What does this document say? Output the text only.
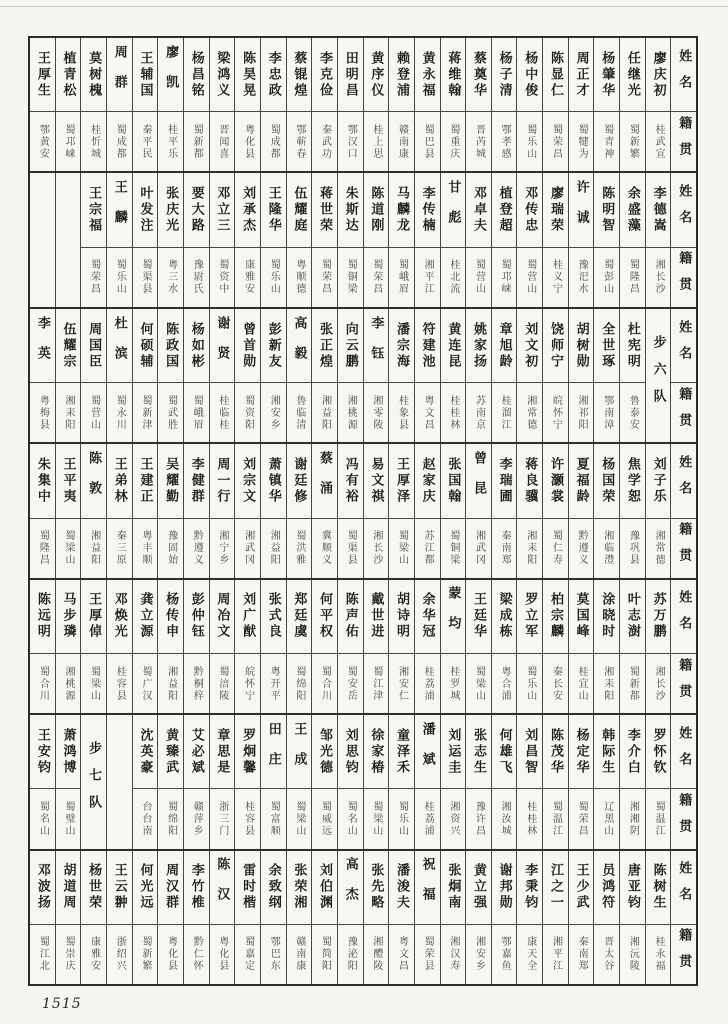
王厚生
鄂黄安
植青松
蜀邛崃
莫树槐
桂忻城
周群
蜀成都
王辅国
秦平民
廖凯
桂平乐
杨昌铭
蜀新都
梁鸿义
晋闻喜
陈昊晃
粤化县
李忠政
蜀成都
蔡锟煌
鄂蕲春
李克俭
秦武功
田明昌
鄂汉口
黄序仪
桂上思
赖登浦
赣南康
黄永福
蜀巴县
蒋维翰
蜀重庆
蔡奠华
晋芮城
杨子清
鄂孝感
杨中俊
蜀乐山
陈显仁
蜀荣昌
周正才
蜀犍为
杨肇华
蜀青神
任继光
蜀新繁
廖庆初
桂武宣
姓名
籍贯
王宗福
蜀荣昌
王麟
蜀乐山
叶发注
蜀渠县
张庆光
粤三水
要大路
豫尉氏
邓立三
蜀资中
刘承杰
康雅安
王隆华
蜀乐山
伍耀庭
粤顺德
蒋世荣
蜀荣昌
朱斯达
蜀铜梁
陈道刚
蜀荣昌
马麟龙
蜀峨眉
李传楠
湘平江
甘彪
桂北流
邓卓夫
蜀营山
植登超
蜀邛崃
邓传忠
蜀营山
廖瑞荣
桂义宁
许诚
豫汜水
陈明智
蜀彭山
余盛藻
蜀隆昌
李德嵩
湘长沙
姓名
籍贯
李英
粤梅县
伍耀宗
湘耒阳
周国臣
蜀营山
杜滨
蜀永川
何硕辅
蜀新津
陈政国
蜀武胜
杨如彬
蜀峨眉
谢贤
桂临桂
曾首勋
蜀资阳
彭新友
湘安乡
高毅
鲁临清
张正煌
湘益阳
向云鹏
湘桃源
李钰
湘零陵
潘宗海
桂象县
符建池
粤文昌
黄连昆
桂桂林
姚家扬
苏南京
章旭龄
桂溜江
刘文初
湘常德
饶师宁
皖怀宁
胡树勋
湘祁阳
全世琢
鄂南漳
杜宪明
鲁泰安 步六队 姓名
籍贯
朱集中
蜀隆昌
王平夷
蜀梁山
陈敦
湘益阳
王弟林
秦三原
王建正
粤丰顺
吴耀勤
豫固始
李健群
黔遵义
周一行
湘宁乡
刘宗文
湘武冈
萧镇华
湘益阳
谢廷修
蜀洪雅
蔡涌
冀顺义
冯有裕
蜀渠县
易文祺
湘长沙
王厚泽
蜀梁山
赵家庆
苏江都
张国翰
蜀铜梁
曾昆
湘武冈
李瑞圃
秦南郑
蒋良骥
湘耒阳
许灏裳
蜀仁寿
夏福龄
黔遵义
杨国荣
湘临澧
焦学恕
豫巩县
刘子乐
湘常德
姓名
籍贯
陈远明
蜀合川
马步璘
湘桃源
王厚倬
蜀梁山
邓焕光
桂容县
龚立源
蜀广汉
杨传申
湘益阳
彭仲钰
黔桐梓
周冶文
蜀涪陵
刘广猷
皖怀宁
张式良
粤开平
郑廷虞
蜀绵阳
何平权
蜀合川
陈声佑
蜀安岳
戴世进
蜀江津
胡诗明
湘安仁
余华冠
桂荔浦
蒙均
桂罗城
王廷华
蜀梁山
梁成栋
粤合浦
罗立军
蜀乐山
柏宗麟
秦长安
莫国峰
桂宜山
涂晓时
湘耒阳
叶志澍
蜀新都
苏万鹏
湘长沙
姓名
籍贯
王安钧
蜀名山
萧鸿博
蜀璧山 步七队	沈英豪
台台南
黄臻武
蜀绵阳
艾必斌
赣萍乡
章思是
浙三门
罗炯馨
桂容县
田庄
蜀富顺
王成
蜀梁山
邹光德
蜀威远
刘思钧
蜀名山
徐家椿
蜀梁山
童泽禾
蜀乐山
潘斌
桂荔浦
刘运圭
湘资兴
张志生
豫许昌
何雄飞
湘汝城
刘昌智
桂桂林
陈茂华
蜀温江
杨定华
蜀荣昌
韩际生
辽黑山
李介白
湘湘阴
罗怀钦
蜀温江
姓名
籍贯
邓波扬
蜀江北
胡道周
蜀崇庆
杨世荣
康雅安
王云翀
浙绍兴
何光远
蜀新繁
周汉群
粤化县
李竹椎
黔仁怀
陈汉
粤化县
雷时楷
蜀嘉定
余致纲
鄂巴东
张荣湘
赣南康
刘伯渊
蜀简阳
高杰
豫泌阳
张先略
湘醴陵
潘浚夫
粤文昌
祝福
蜀荣县
张炯南
湘汉寿
黄立强
湘安乡
谢邦勋
鄂嘉鱼
李秉钧
康天全
江之一
湘平江
王少武
秦南郑
员鸿符
晋太谷
唐亚钧
湘沅陵
陈树生
桂永福
姓名
籍贯
1515
